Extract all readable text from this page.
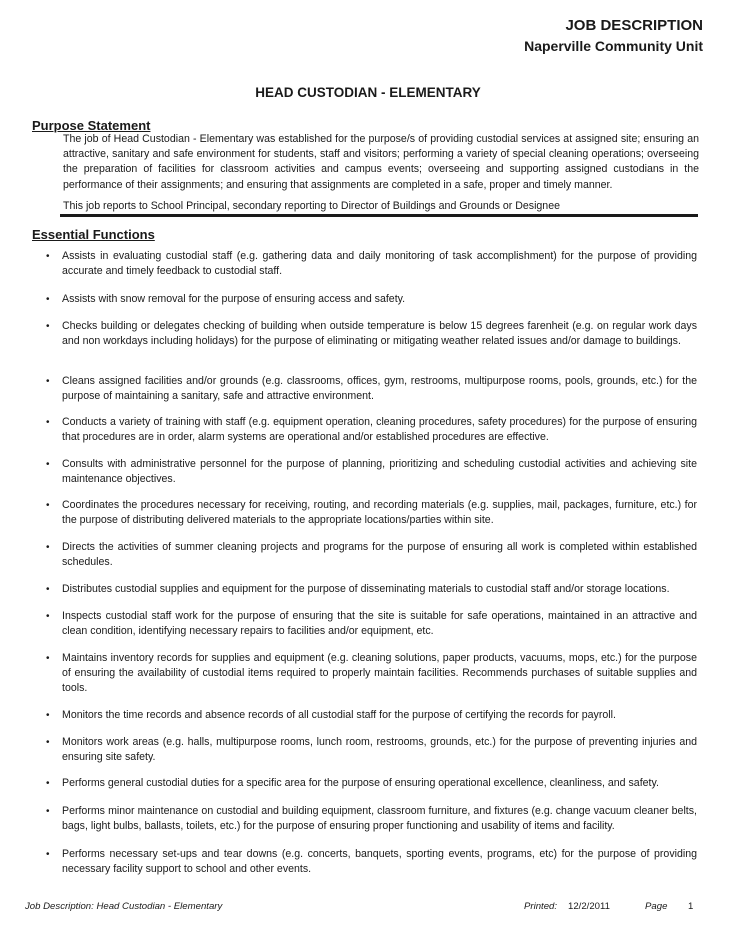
JOB DESCRIPTION
Naperville Community Unit
HEAD CUSTODIAN - ELEMENTARY
Purpose Statement
The job of Head Custodian - Elementary was established for the purpose/s of providing custodial services at assigned site; ensuring an attractive, sanitary and safe environment for students, staff and visitors; performing a variety of special cleaning operations; overseeing the preparation of facilities for classroom activities and campus events; overseeing and supporting assigned custodians in the performance of their assignments; and ensuring that assignments are completed in a safe, proper and timely manner.
This job reports to School Principal, secondary reporting to Director of Buildings and Grounds or Designee
Essential Functions
• Assists in evaluating custodial staff (e.g. gathering data and daily monitoring of task accomplishment) for the purpose of providing accurate and timely feedback to custodial staff.
• Assists with snow removal for the purpose of ensuring access and safety.
• Checks building or delegates checking of building when outside temperature is below 15 degrees farenheit (e.g. on regular work days and non workdays including holidays) for the purpose of eliminating or mitigating weather related issues and/or damage to buildings.
• Cleans assigned facilities and/or grounds (e.g. classrooms, offices, gym, restrooms, multipurpose rooms, pools, grounds, etc.) for the purpose of maintaining a sanitary, safe and attractive environment.
• Conducts a variety of training with staff (e.g. equipment operation, cleaning procedures, safety procedures) for the purpose of ensuring that procedures are in order, alarm systems are operational and/or established procedures are effective.
• Consults with administrative personnel for the purpose of planning, prioritizing and scheduling custodial activities and achieving site maintenance objectives.
• Coordinates the procedures necessary for receiving, routing, and recording materials (e.g. supplies, mail, packages, furniture, etc.) for the purpose of distributing delivered materials to the appropriate locations/parties within site.
• Directs the activities of summer cleaning projects and programs for the purpose of ensuring all work is completed within established schedules.
• Distributes custodial supplies and equipment for the purpose of disseminating materials to custodial staff and/or storage locations.
• Inspects custodial staff work for the purpose of ensuring that the site is suitable for safe operations, maintained in an attractive and clean condition, identifying necessary repairs to facilities and/or equipment, etc.
• Maintains inventory records for supplies and equipment (e.g. cleaning solutions, paper products, vacuums, mops, etc.) for the purpose of ensuring the availability of custodial items required to properly maintain facilities. Recommends purchases of suitable supplies and tools.
• Monitors the time records and absence records of all custodial staff for the purpose of certifying the records for payroll.
• Monitors work areas (e.g. halls, multipurpose rooms, lunch room, restrooms, grounds, etc.) for the purpose of preventing injuries and ensuring site safety.
• Performs general custodial duties for a specific area for the purpose of ensuring operational excellence, cleanliness, and safety.
• Performs minor maintenance on custodial and building equipment, classroom furniture, and fixtures (e.g. change vacuum cleaner belts, bags, light bulbs, ballasts, toilets, etc.) for the purpose of ensuring proper functioning and usability of items and facility.
• Performs necessary set-ups and tear downs (e.g. concerts, banquets, sporting events, programs, etc) for the purpose of providing necessary facility support to school and other events.
Job Description: Head Custodian - Elementary	Printed: 12/2/2011	Page 1
